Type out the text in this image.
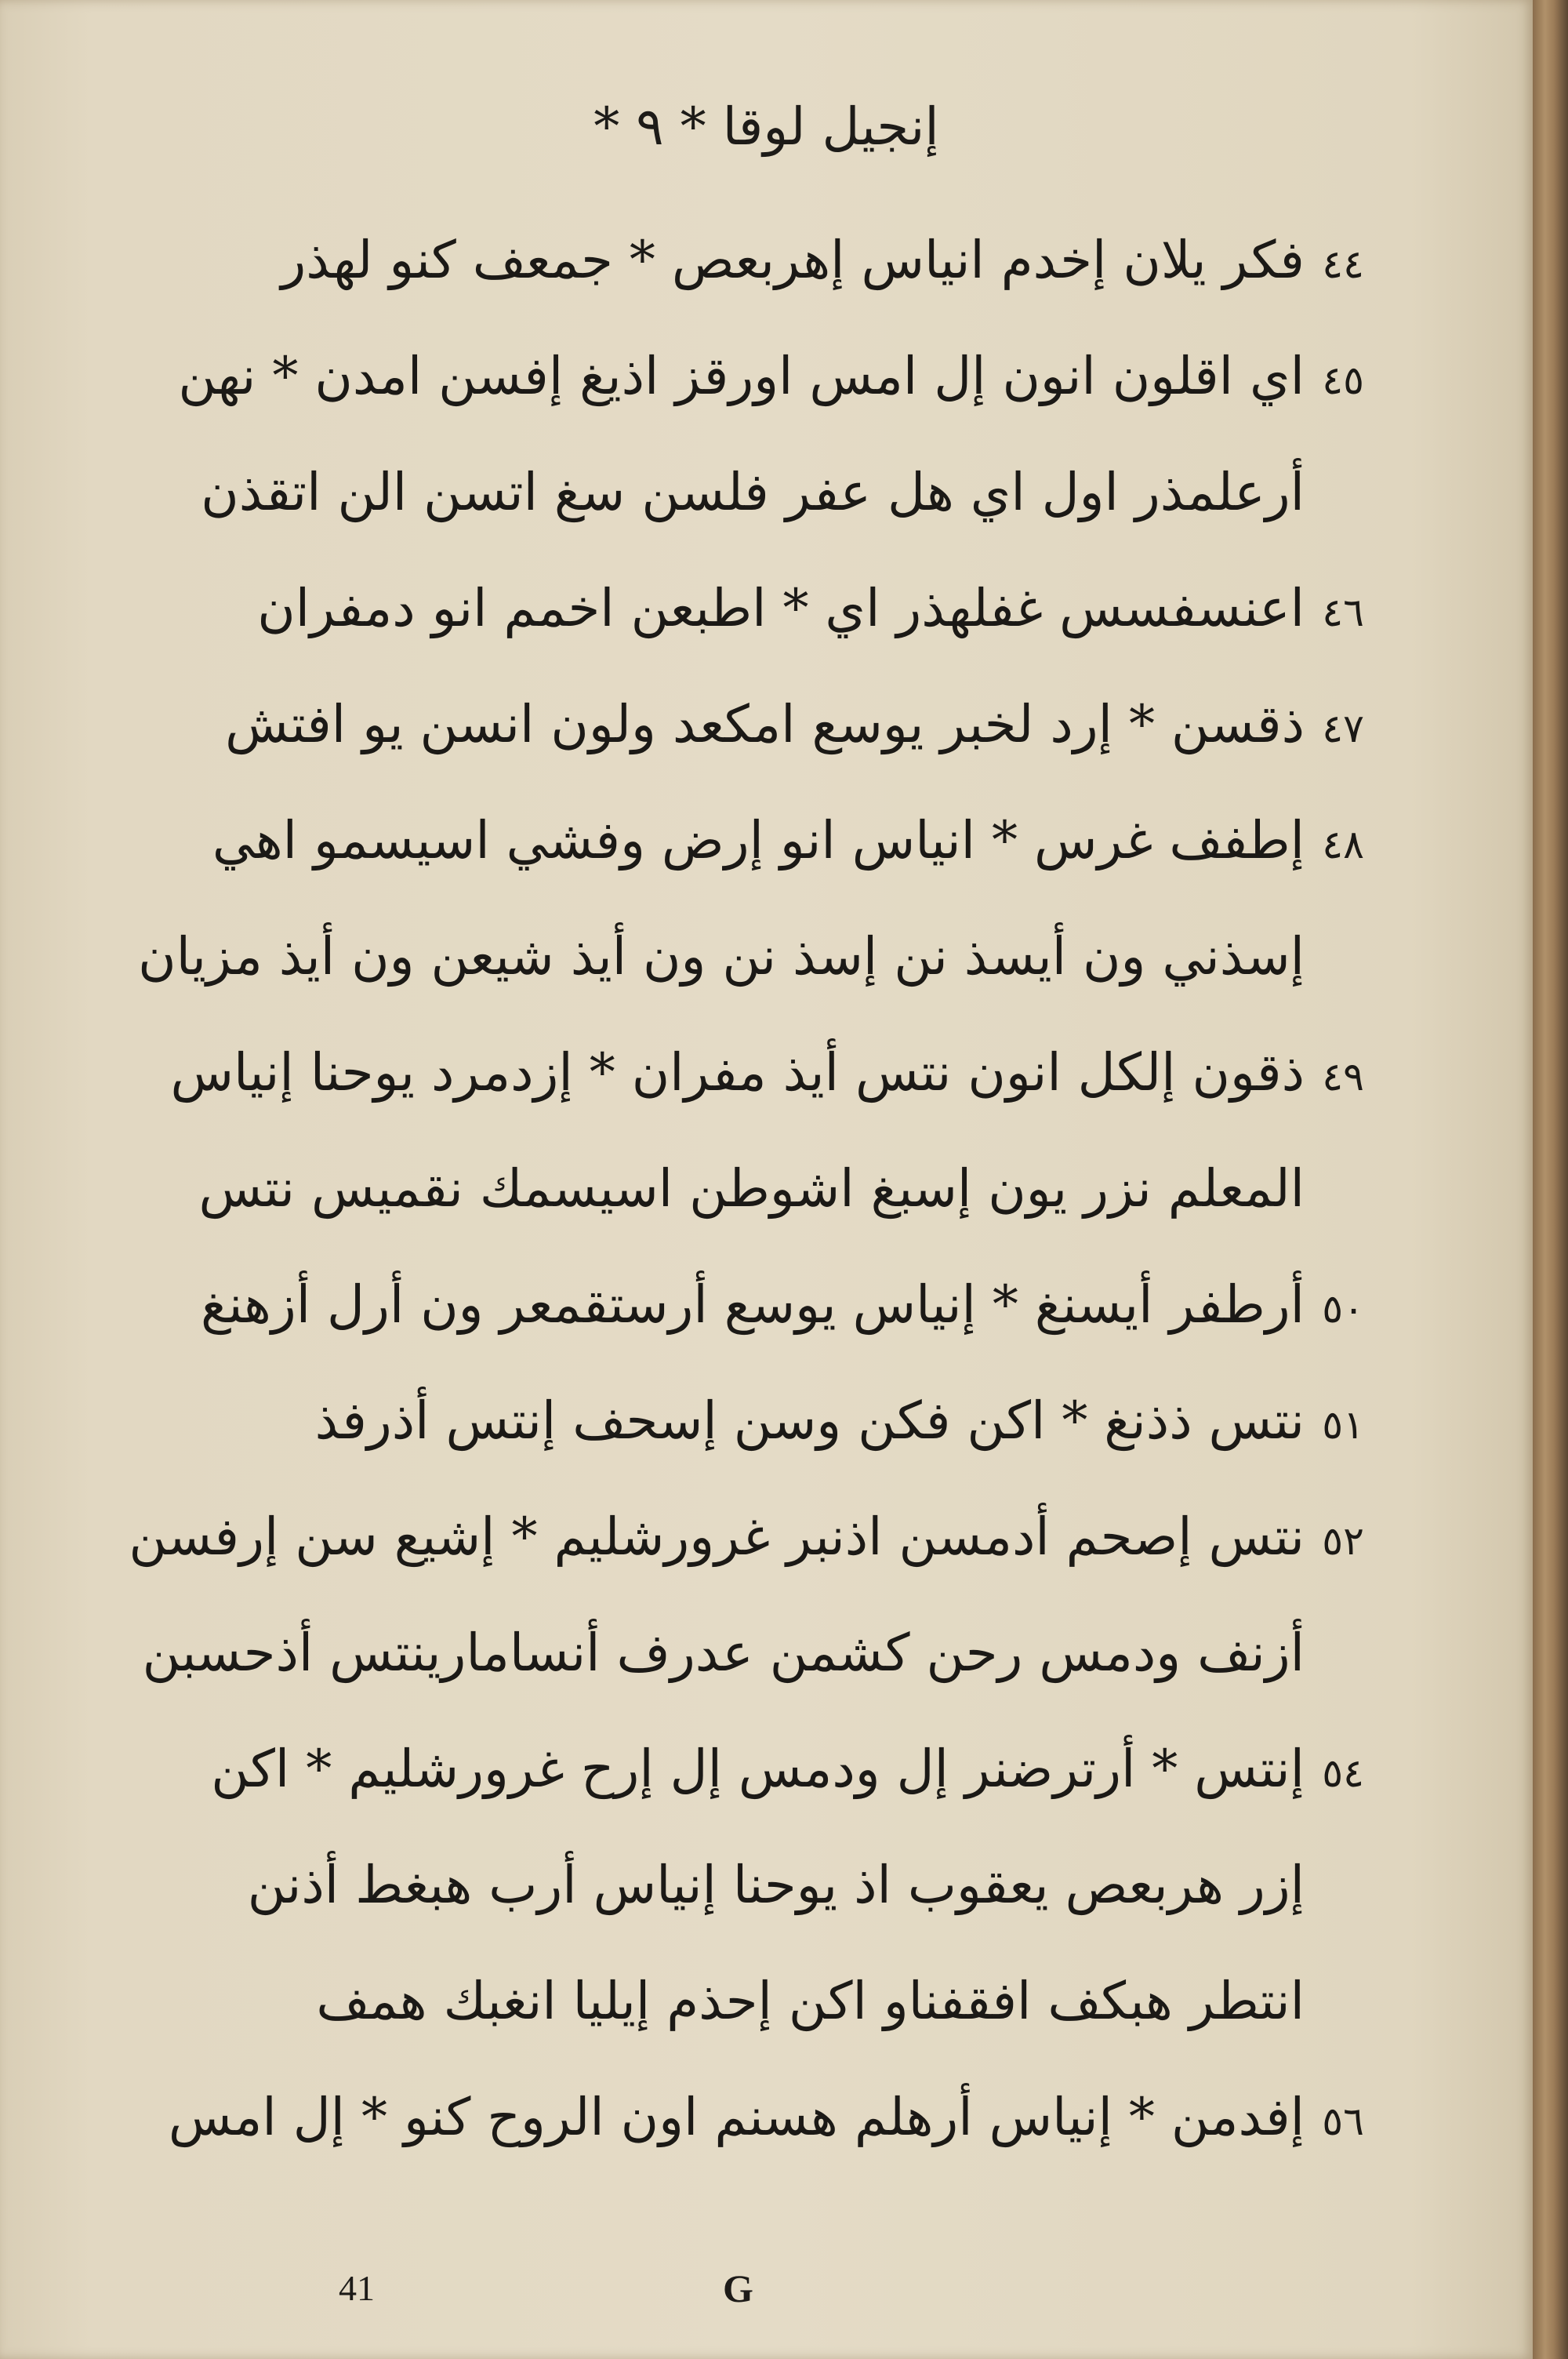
إنجيل لوقا * ٩ *
٤٤
فكر يلان إخدم انياس إهربعص * جمعف كنو لهذر
٤٥
اي اقلون انون إل امس اورقز اذيغ إفسن امدن * نهن
أرعلمذر اول اي هل عفر فلسن سغ اتسن الن اتقذن
٤٦
اعنسفسس غفلهذر اي * اطبعن اخمم انو دمفران
٤٧
ذقسن * إرد لخبر يوسع امكعد ولون انسن يو افتش
٤٨
إطفف غرس * انياس انو إرض وفشي اسيسمو اهي
إسذني ون أيسذ نن إسذ نن ون أيذ شيعن ون أيذ مزيان
٤٩
ذقون إلكل انون نتس أيذ مفران * إزدمرد يوحنا إنياس
المعلم نزر يون إسبغ اشوطن اسيسمك نقميس نتس
٥٠
أرطفر أيسنغ * إنياس يوسع أرستقمعر ون أرل أزهنغ
٥١
نتس ذذنغ * اكن فكن وسن إسحف إنتس أذرفذ
٥٢
نتس إصحم أدمسن اذنبر غرورشليم * إشيع سن إرفسن
أزنف ودمس رحن كشمن عدرف أنسامارينتس أذحسبن
٥٤
إنتس * أرترضنر إل ودمس إل إرح غرورشليم * اكن
إزر هربعص يعقوب اذ يوحنا إنياس أرب هبغط أذنن
انتطر هبكف افقفناو اكن إحذم إيليا انغبك همف
٥٦
إفدمن * إنياس أرهلم هسنم اون الروح كنو * إل امس
41	G
